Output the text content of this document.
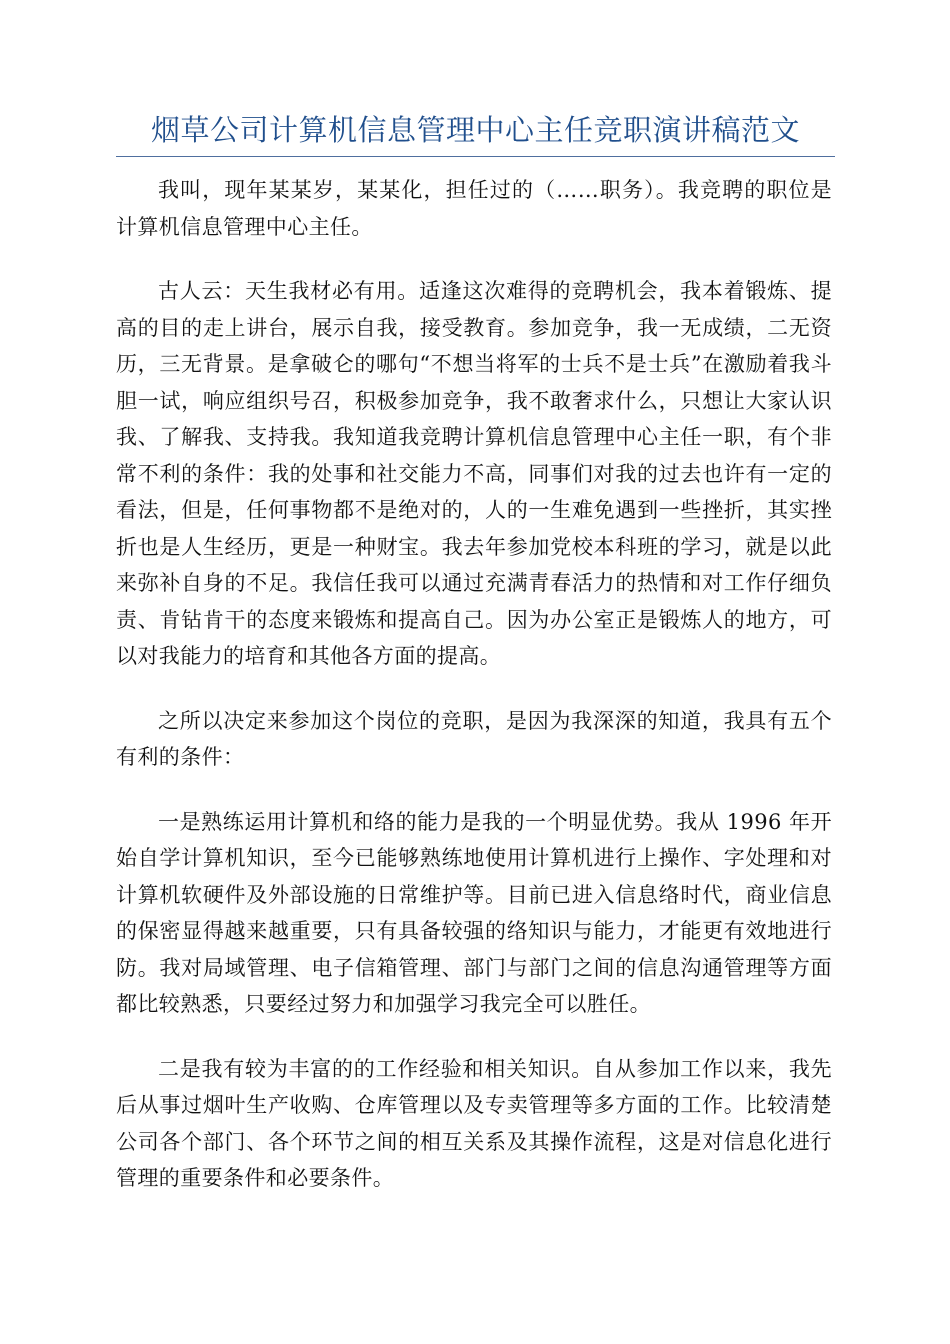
烟草公司计算机信息管理中心主任竞职演讲稿范文

我叫，现年某某岁，某某化，担任过的（……职务）。我竞聘的职位是计算机信息管理中心主任。

古人云：天生我材必有用。适逢这次难得的竞聘机会，我本着锻炼、提高的目的走上讲台，展示自我，接受教育。参加竞争，我一无成绩，二无资历，三无背景。是拿破仑的哪句“不想当将军的士兵不是士兵”在激励着我斗胆一试，响应组织号召，积极参加竞争，我不敢奢求什么，只想让大家认识我、了解我、支持我。我知道我竞聘计算机信息管理中心主任一职，有个非常不利的条件：我的处事和社交能力不高，同事们对我的过去也许有一定的看法，但是，任何事物都不是绝对的，人的一生难免遇到一些挫折，其实挫折也是人生经历，更是一种财宝。我去年参加党校本科班的学习，就是以此来弥补自身的不足。我信任我可以通过充满青春活力的热情和对工作仔细负责、肯钻肯干的态度来锻炼和提高自己。因为办公室正是锻炼人的地方，可以对我能力的培育和其他各方面的提高。

之所以决定来参加这个岗位的竞职，是因为我深深的知道，我具有五个有利的条件：

一是熟练运用计算机和络的能力是我的一个明显优势。我从 1996 年开始自学计算机知识，至今已能够熟练地使用计算机进行上操作、字处理和对计算机软硬件及外部设施的日常维护等。目前已进入信息络时代，商业信息的保密显得越来越重要，只有具备较强的络知识与能力，才能更有效地进行防。我对局域管理、电子信箱管理、部门与部门之间的信息沟通管理等方面都比较熟悉，只要经过努力和加强学习我完全可以胜任。

二是我有较为丰富的的工作经验和相关知识。自从参加工作以来，我先后从事过烟叶生产收购、仓库管理以及专卖管理等多方面的工作。比较清楚公司各个部门、各个环节之间的相互关系及其操作流程，这是对信息化进行管理的重要条件和必要条件。
